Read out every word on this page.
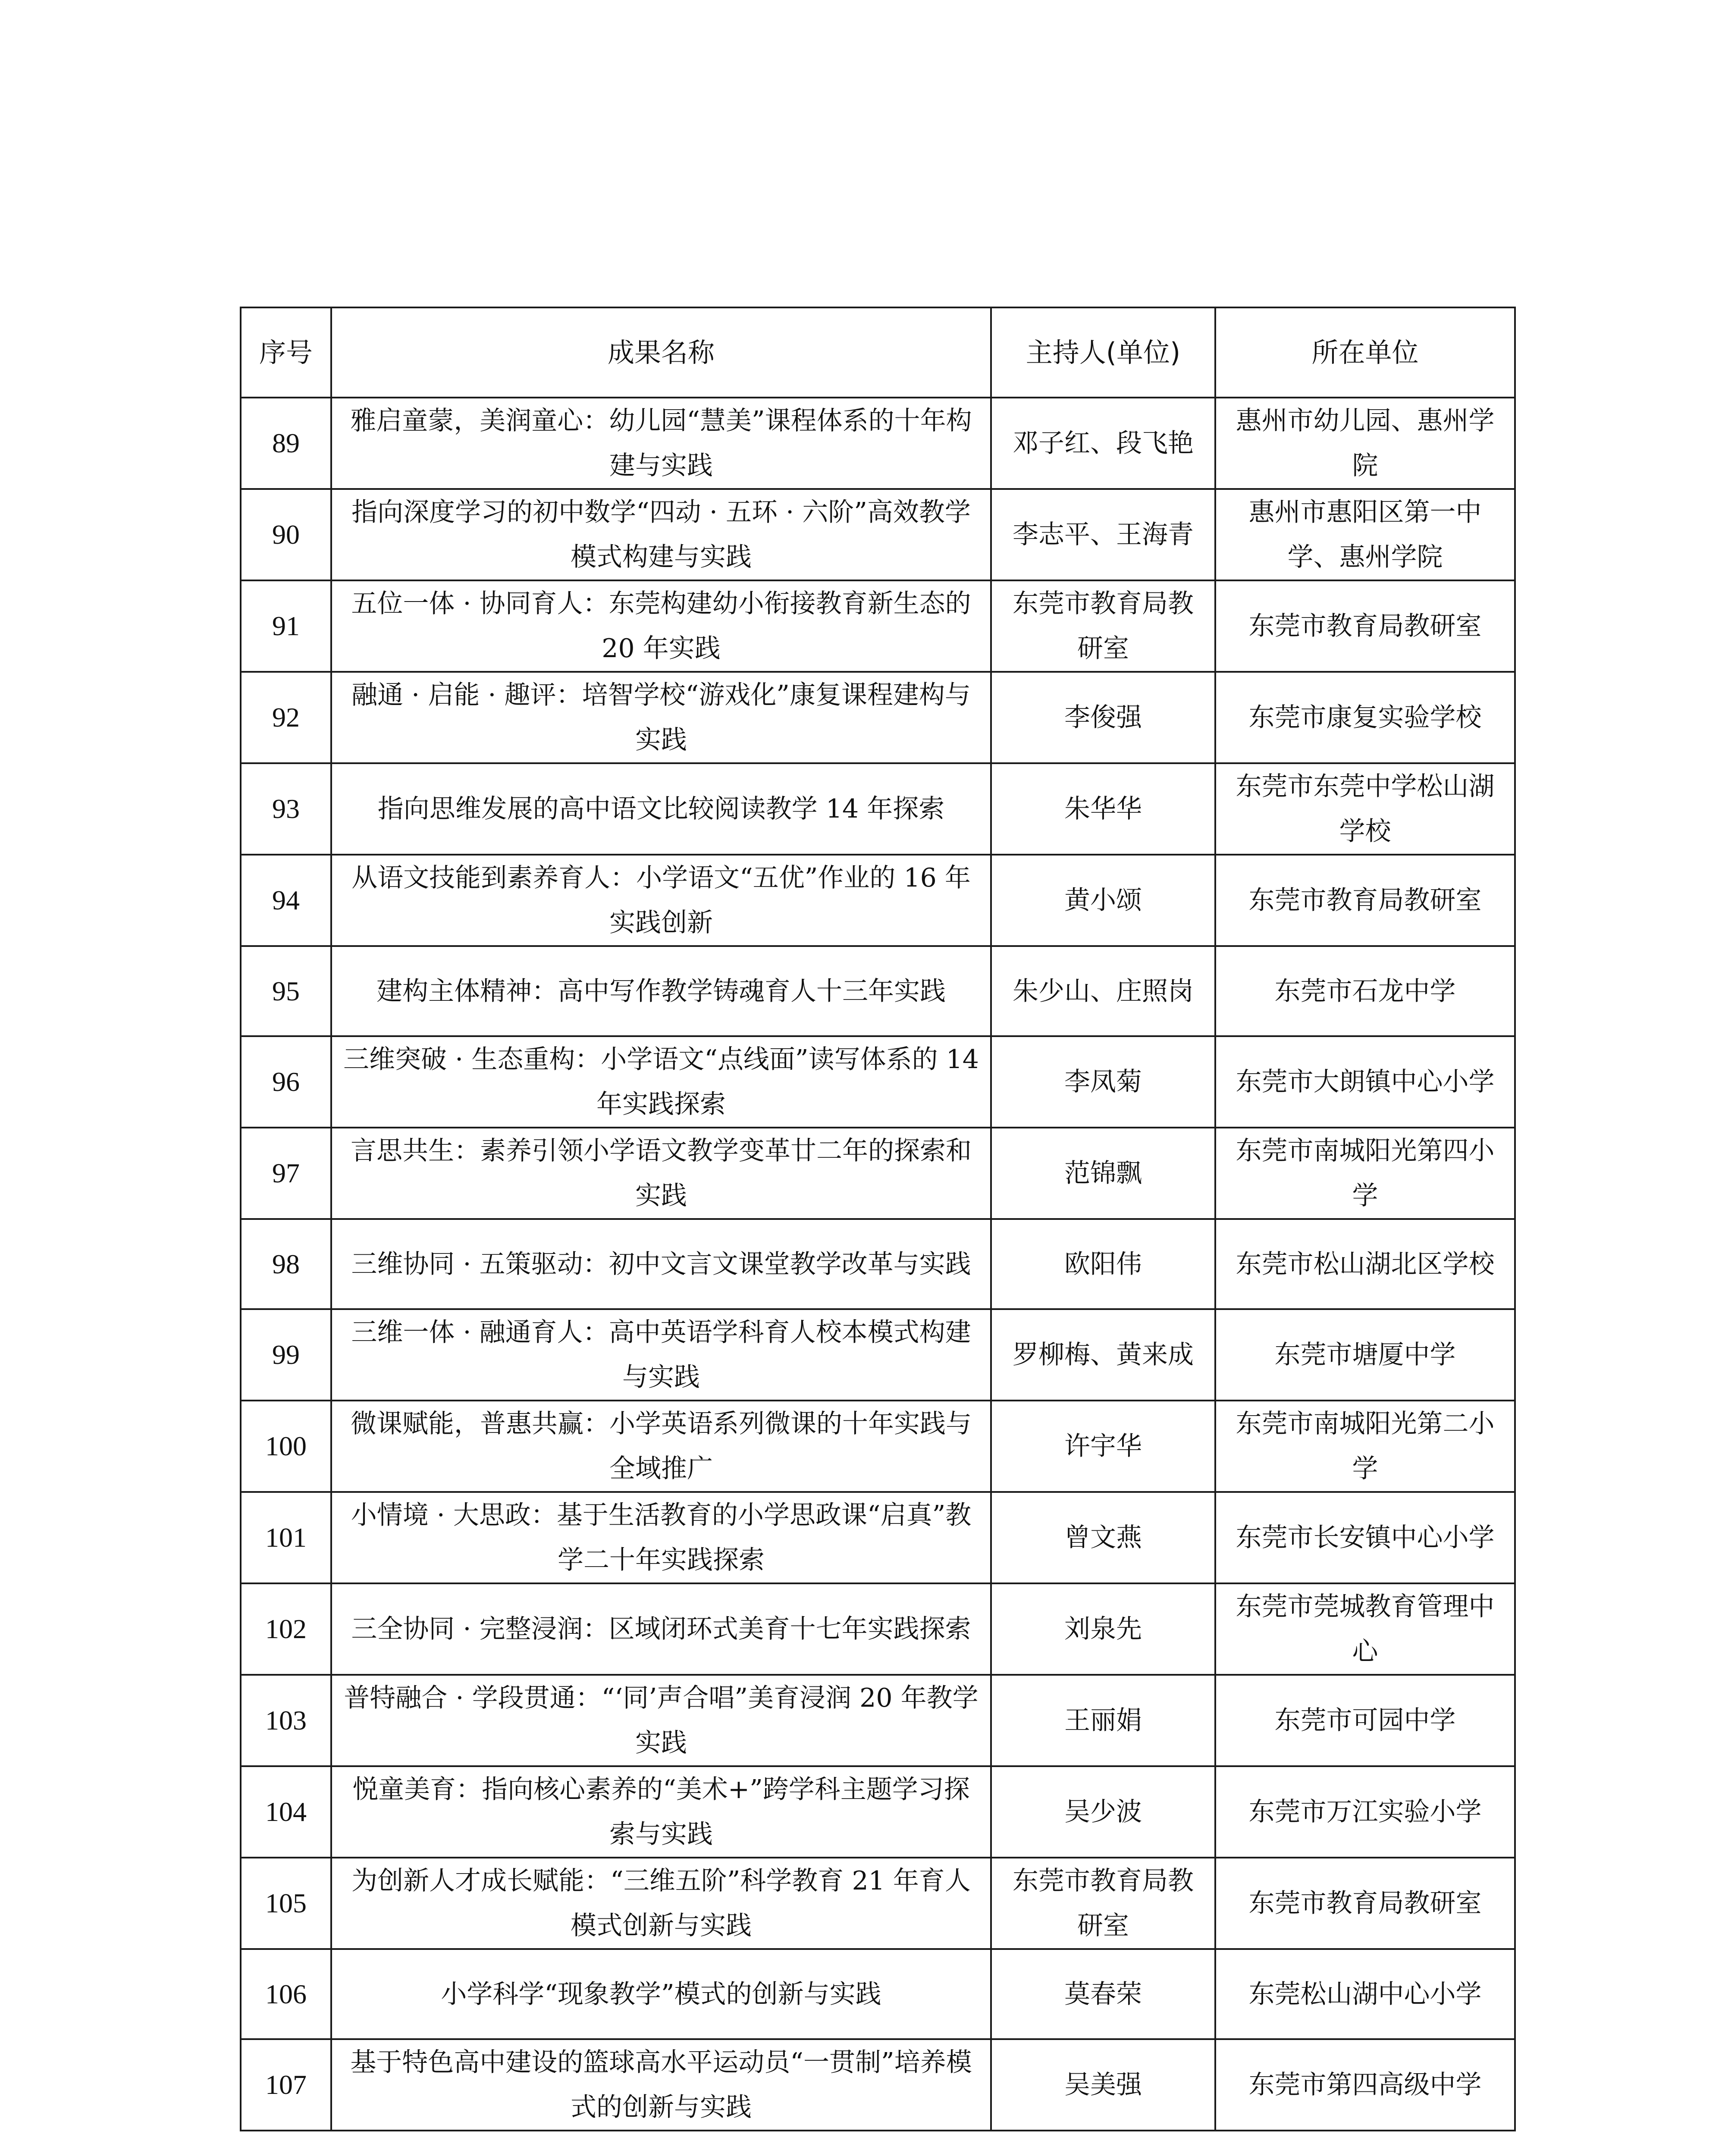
序号	成果名称	主持人(单位)	所在单位
89	雅启童蒙，美润童心：幼儿园“慧美”课程体系的十年构建与实践	邓子红、段飞艳	惠州市幼儿园、惠州学院
90	指向深度学习的初中数学“四动 · 五环 · 六阶”高效教学模式构建与实践	李志平、王海青	惠州市惠阳区第一中学、惠州学院
91	五位一体 · 协同育人：东莞构建幼小衔接教育新生态的 20 年实践	东莞市教育局教研室	东莞市教育局教研室
92	融通 · 启能 · 趣评：培智学校“游戏化”康复课程建构与实践	李俊强	东莞市康复实验学校
93	指向思维发展的高中语文比较阅读教学 14 年探索	朱华华	东莞市东莞中学松山湖学校
94	从语文技能到素养育人：小学语文“五优”作业的 16 年实践创新	黄小颂	东莞市教育局教研室
95	建构主体精神：高中写作教学铸魂育人十三年实践	朱少山、庄照岗	东莞市石龙中学
96	三维突破 · 生态重构：小学语文“点线面”读写体系的 14 年实践探索	李凤菊	东莞市大朗镇中心小学
97	言思共生：素养引领小学语文教学变革廿二年的探索和实践	范锦飘	东莞市南城阳光第四小学
98	三维协同 · 五策驱动：初中文言文课堂教学改革与实践	欧阳伟	东莞市松山湖北区学校
99	三维一体 · 融通育人：高中英语学科育人校本模式构建与实践	罗柳梅、黄来成	东莞市塘厦中学
100	微课赋能，普惠共赢：小学英语系列微课的十年实践与全域推广	许宇华	东莞市南城阳光第二小学
101	小情境 · 大思政：基于生活教育的小学思政课“启真”教学二十年实践探索	曾文燕	东莞市长安镇中心小学
102	三全协同 · 完整浸润：区域闭环式美育十七年实践探索	刘泉先	东莞市莞城教育管理中心
103	普特融合 · 学段贯通：“‘同’声合唱”美育浸润 20 年教学实践	王丽娟	东莞市可园中学
104	悦童美育：指向核心素养的“美术+”跨学科主题学习探索与实践	吴少波	东莞市万江实验小学
105	为创新人才成长赋能：“三维五阶”科学教育 21 年育人模式创新与实践	东莞市教育局教研室	东莞市教育局教研室
106	小学科学“现象教学”模式的创新与实践	莫春荣	东莞松山湖中心小学
107	基于特色高中建设的篮球高水平运动员“一贯制”培养模式的创新与实践	吴美强	东莞市第四高级中学
